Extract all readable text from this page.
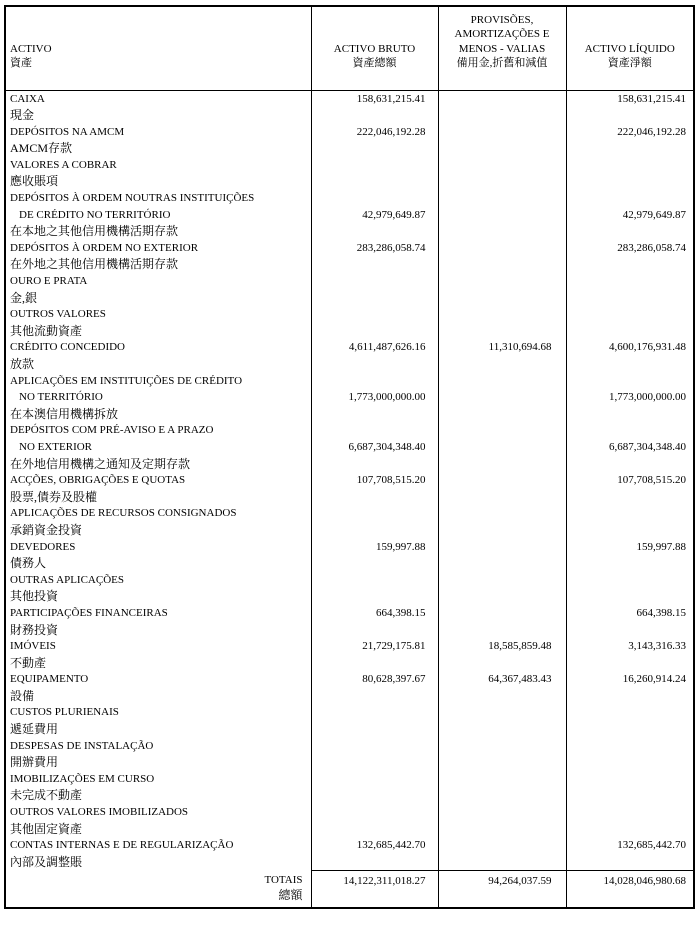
ACTIVO
資產

ACTIVO BRUTO
資產總額

PROVISÕES,
AMORTIZAÇÕES E
MENOS - VALIAS
備用金,折舊和減值

ACTIVO LÍQUIDO
資產淨額

CAIXA	158,631,215.41		158,631,215.41
現金			
DEPÓSITOS NA AMCM	222,046,192.28		222,046,192.28
AMCM存款			
VALORES A COBRAR			
應收賬項			
DEPÓSITOS À ORDEM NOUTRAS INSTITUIÇÕES			
DE CRÉDITO NO TERRITÓRIO	42,979,649.87		42,979,649.87
在本地之其他信用機構活期存款			
DEPÓSITOS À ORDEM NO EXTERIOR	283,286,058.74		283,286,058.74
在外地之其他信用機構活期存款			
OURO E PRATA			
金,銀			
OUTROS VALORES			
其他流動資產			
CRÉDITO CONCEDIDO	4,611,487,626.16	11,310,694.68	4,600,176,931.48
放款			
APLICAÇÕES EM INSTITUIÇÕES DE CRÉDITO			
NO TERRITÓRIO	1,773,000,000.00		1,773,000,000.00
在本澳信用機構拆放			
DEPÓSITOS COM PRÉ-AVISO E A PRAZO			
NO EXTERIOR	6,687,304,348.40		6,687,304,348.40
在外地信用機構之通知及定期存款			
ACÇÕES, OBRIGAÇÕES E QUOTAS	107,708,515.20		107,708,515.20
股票,債券及股權			
APLICAÇÕES DE RECURSOS CONSIGNADOS			
承銷資金投資			
DEVEDORES	159,997.88		159,997.88
債務人			
OUTRAS APLICAÇÕES			
其他投資			
PARTICIPAÇÕES FINANCEIRAS	664,398.15		664,398.15
財務投資			
IMÓVEIS	21,729,175.81	18,585,859.48	3,143,316.33
不動產			
EQUIPAMENTO	80,628,397.67	64,367,483.43	16,260,914.24
設備			
CUSTOS PLURIENAIS			
遞延費用			
DESPESAS DE INSTALAÇÃO			
開辦費用			
IMOBILIZAÇÕES EM CURSO			
未完成不動產			
OUTROS VALORES IMOBILIZADOS			
其他固定資產			
CONTAS INTERNAS E DE REGULARIZAÇÃO	132,685,442.70		132,685,442.70
內部及調整賬			

TOTAIS
總額	14,122,311,018.27	94,264,037.59	14,028,046,980.68
